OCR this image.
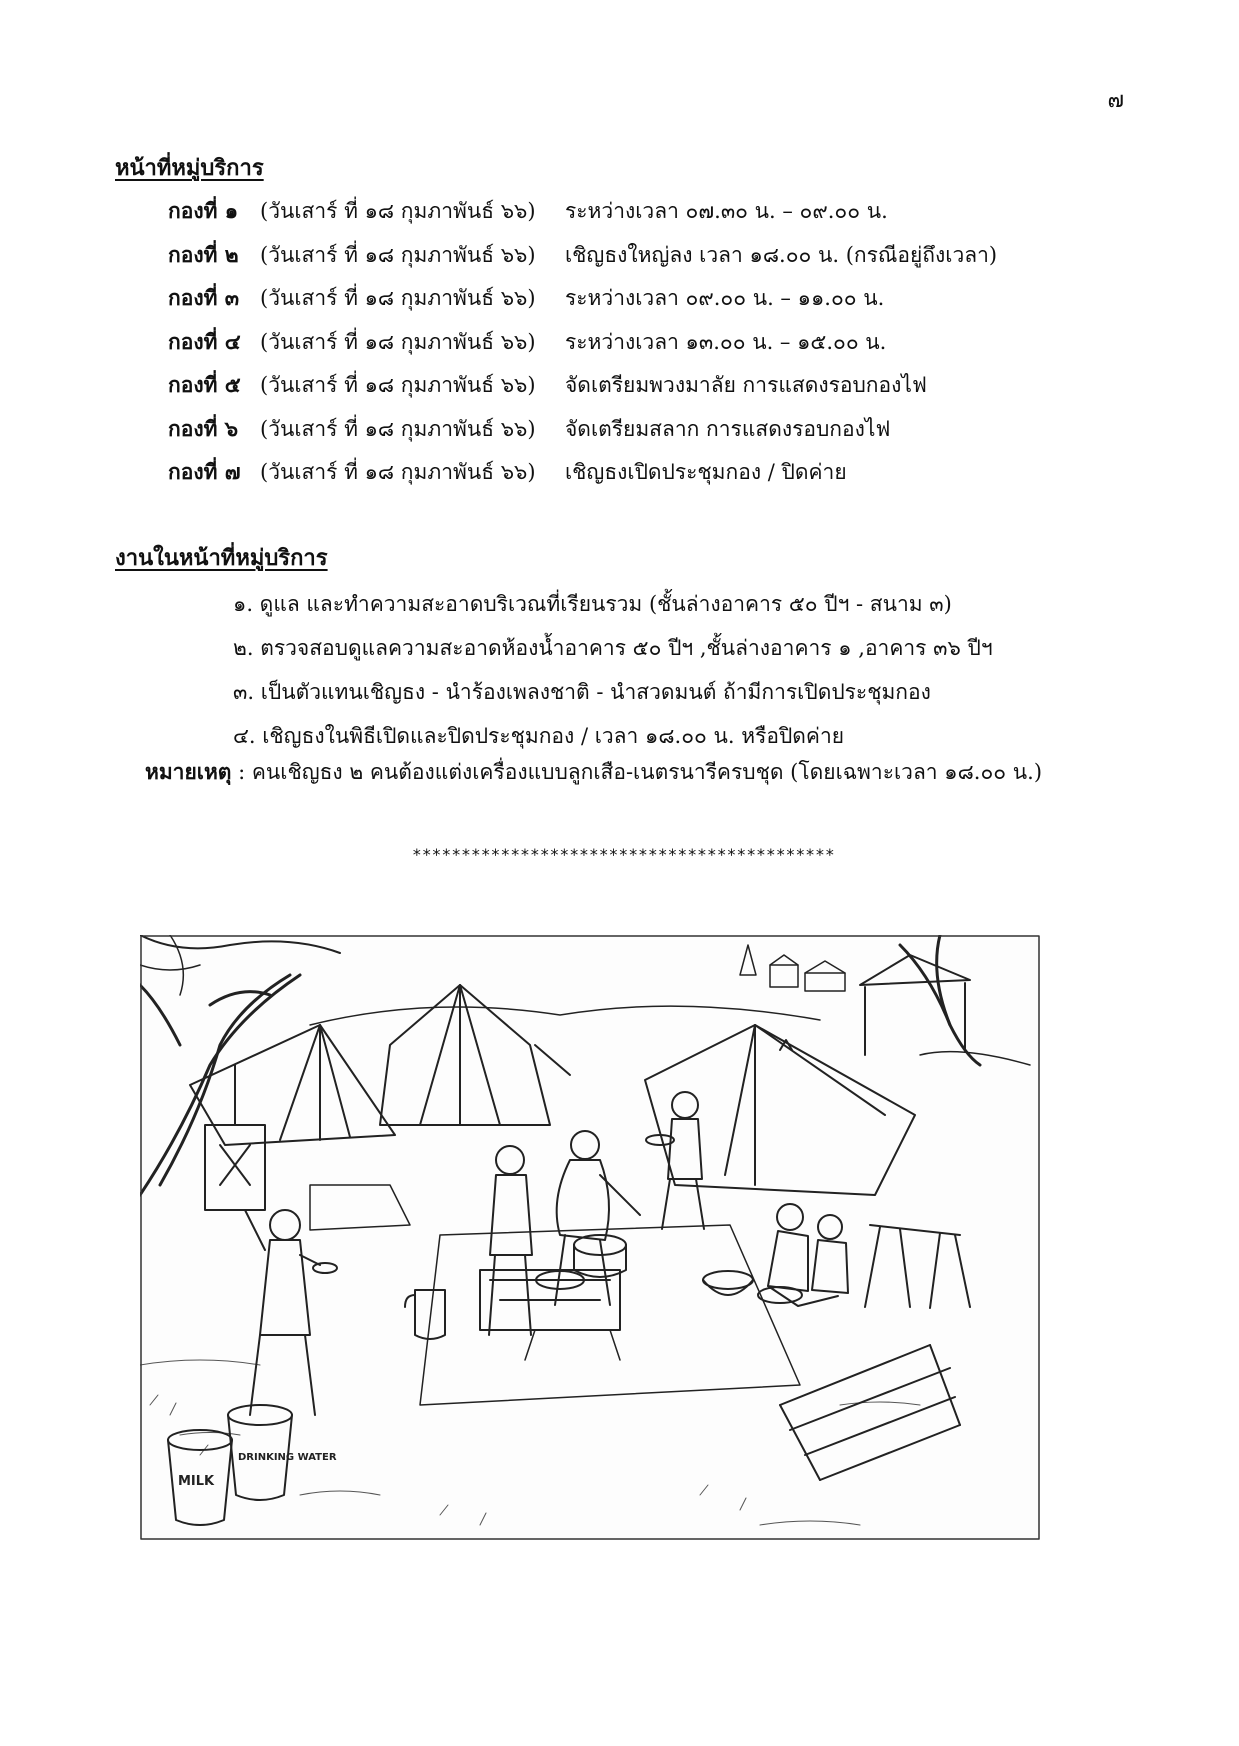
๗
หน้าที่หมู่บริการ
กองที่ ๑	(วันเสาร์ ที่ ๑๘ กุมภาพันธ์ ๖๖)	ระหว่างเวลา ๐๗.๓๐ น. – ๐๙.๐๐ น.
กองที่ ๒	(วันเสาร์ ที่ ๑๘ กุมภาพันธ์ ๖๖)	เชิญธงใหญ่ลง เวลา ๑๘.๐๐ น. (กรณีอยู่ถึงเวลา)
กองที่ ๓ (วันเสาร์ ที่ ๑๘ กุมภาพันธ์ ๖๖)	ระหว่างเวลา ๐๙.๐๐ น. – ๑๑.๐๐ น.
กองที่ ๔ (วันเสาร์ ที่ ๑๘ กุมภาพันธ์ ๖๖)	ระหว่างเวลา ๑๓.๐๐ น. – ๑๕.๐๐ น.
กองที่ ๕ (วันเสาร์ ที่ ๑๘ กุมภาพันธ์ ๖๖)	จัดเตรียมพวงมาลัย การแสดงรอบกองไฟ
กองที่ ๖	(วันเสาร์ ที่ ๑๘ กุมภาพันธ์ ๖๖)	จัดเตรียมสลาก การแสดงรอบกองไฟ
กองที่ ๗ (วันเสาร์ ที่ ๑๘ กุมภาพันธ์ ๖๖)	เชิญธงเปิดประชุมกอง / ปิดค่าย
งานในหน้าที่หมู่บริการ
๑. ดูแล และทำความสะอาดบริเวณที่เรียนรวม (ชั้นล่างอาคาร ๕๐ ปีฯ - สนาม ๓)
๒. ตรวจสอบดูแลความสะอาดห้องน้ำอาคาร ๕๐ ปีฯ ,ชั้นล่างอาคาร ๑ ,อาคาร ๓๖ ปีฯ
๓. เป็นตัวแทนเชิญธง - นำร้องเพลงชาติ - นำสวดมนต์ ถ้ามีการเปิดประชุมกอง
๔. เชิญธงในพิธีเปิดและปิดประชุมกอง / เวลา ๑๘.๐๐ น. หรือปิดค่าย
หมายเหตุ : คนเชิญธง ๒ คนต้องแต่งเครื่องแบบลูกเสือ-เนตรนารีครบชุด (โดยเฉพาะเวลา ๑๘.๐๐ น.)
*******************************************
MILK
DRINKING WATER
